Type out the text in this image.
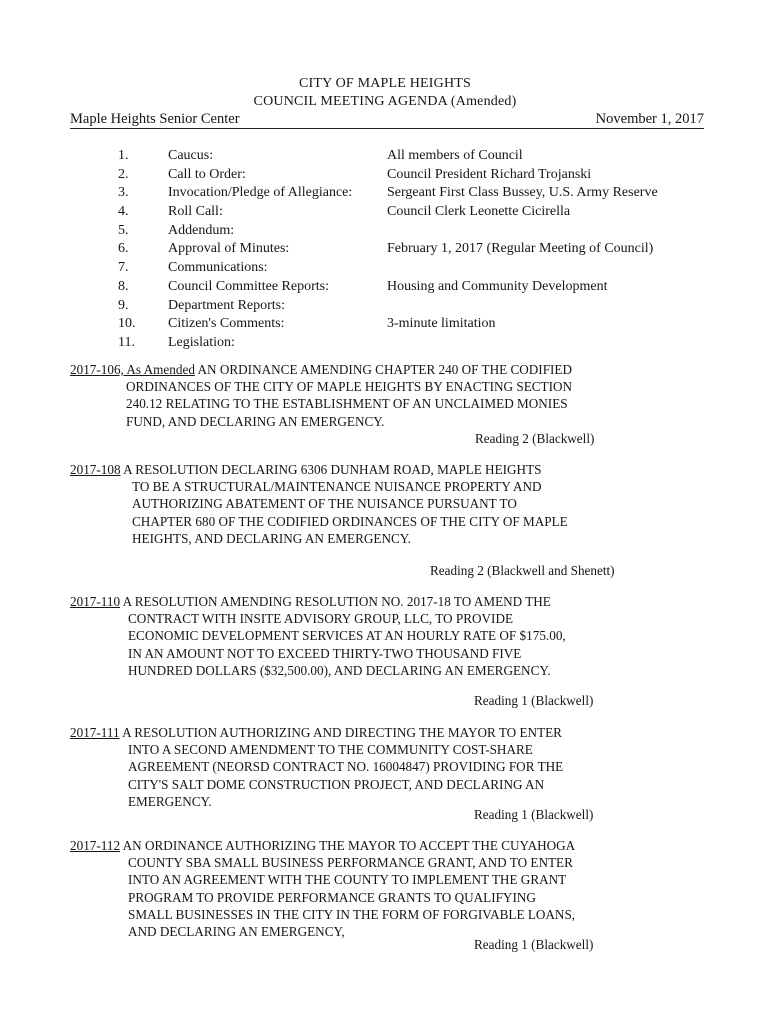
CITY OF MAPLE HEIGHTS
COUNCIL MEETING AGENDA (Amended)
Maple Heights Senior Center	November 1, 2017
1.	Caucus:	All members of Council
2.	Call to Order:	Council President Richard Trojanski
3.	Invocation/Pledge of Allegiance: Sergeant First Class Bussey, U.S. Army Reserve
4.	Roll Call:	Council Clerk Leonette Cicirella
5.	Addendum:
6.	Approval of Minutes:	February 1, 2017 (Regular Meeting of Council)
7.	Communications:
8.	Council Committee Reports:	Housing and Community Development
9.	Department Reports:
10.	Citizen's Comments:	3-minute limitation
11.	Legislation:
2017-106, As Amended AN ORDINANCE AMENDING CHAPTER 240 OF THE CODIFIED
ORDINANCES OF THE CITY OF MAPLE HEIGHTS BY ENACTING SECTION
240.12 RELATING TO THE ESTABLISHMENT OF AN UNCLAIMED MONIES
FUND, AND DECLARING AN EMERGENCY.
Reading 2 (Blackwell)
2017-108 A RESOLUTION DECLARING 6306 DUNHAM ROAD, MAPLE HEIGHTS
TO BE A STRUCTURAL/MAINTENANCE NUISANCE PROPERTY AND
AUTHORIZING ABATEMENT OF THE NUISANCE PURSUANT TO
CHAPTER 680 OF THE CODIFIED ORDINANCES OF THE CITY OF MAPLE
HEIGHTS, AND DECLARING AN EMERGENCY.
Reading 2 (Blackwell and Shenett)
2017-110 A RESOLUTION AMENDING RESOLUTION NO. 2017-18 TO AMEND THE
CONTRACT WITH INSITE ADVISORY GROUP, LLC, TO PROVIDE
ECONOMIC DEVELOPMENT SERVICES AT AN HOURLY RATE OF $175.00,
IN AN AMOUNT NOT TO EXCEED THIRTY-TWO THOUSAND FIVE
HUNDRED DOLLARS ($32,500.00), AND DECLARING AN EMERGENCY.
Reading 1 (Blackwell)
2017-111 A RESOLUTION AUTHORIZING AND DIRECTING THE MAYOR TO ENTER
INTO A SECOND AMENDMENT TO THE COMMUNITY COST-SHARE
AGREEMENT (NEORSD CONTRACT NO. 16004847) PROVIDING FOR THE
CITY'S SALT DOME CONSTRUCTION PROJECT, AND DECLARING AN
EMERGENCY.
Reading 1 (Blackwell)
2017-112 AN ORDINANCE AUTHORIZING THE MAYOR TO ACCEPT THE CUYAHOGA
COUNTY SBA SMALL BUSINESS PERFORMANCE GRANT, AND TO ENTER
INTO AN AGREEMENT WITH THE COUNTY TO IMPLEMENT THE GRANT
PROGRAM TO PROVIDE PERFORMANCE GRANTS TO QUALIFYING
SMALL BUSINESSES IN THE CITY IN THE FORM OF FORGIVABLE LOANS,
AND DECLARING AN EMERGENCY,
Reading 1 (Blackwell)
